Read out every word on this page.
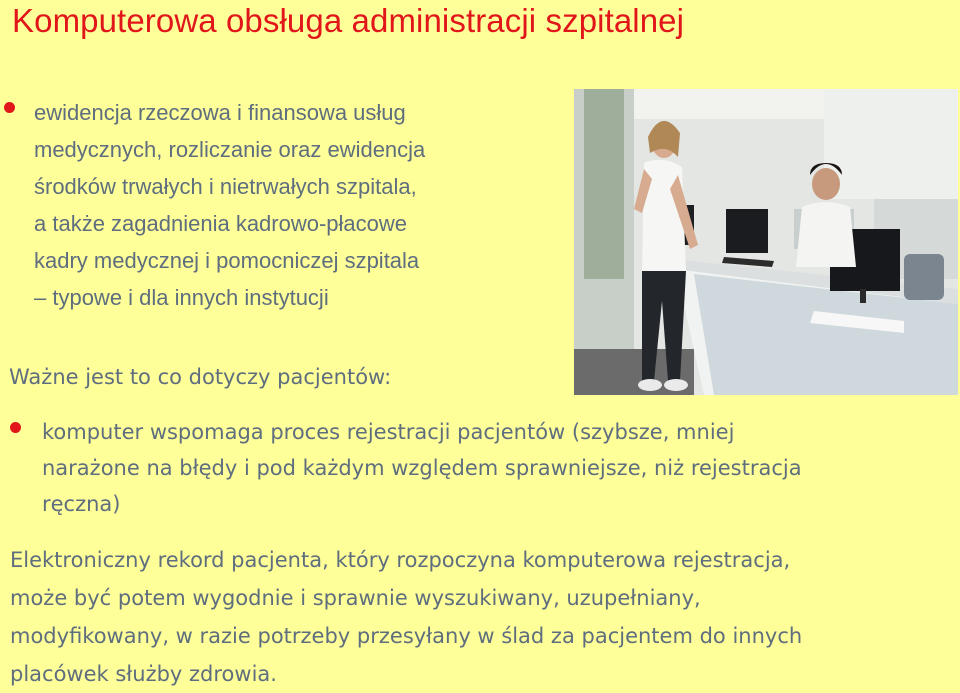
Komputerowa obsługa administracji szpitalnej
ewidencja rzeczowa i finansowa usług
medycznych, rozliczanie oraz ewidencja
środków trwałych i nietrwałych szpitala,
a także zagadnienia kadrowo-płacowe
kadry medycznej i pomocniczej szpitala
– typowe i dla innych instytucji
Ważne jest to co dotyczy pacjentów:
komputer wspomaga proces rejestracji pacjentów (szybsze, mniej
narażone na błędy i pod każdym względem sprawniejsze, niż rejestracja
ręczna)
Elektroniczny rekord pacjenta, który rozpoczyna komputerowa rejestracja,
może być potem wygodnie i sprawnie wyszukiwany, uzupełniany,
modyfikowany, w razie potrzeby przesyłany w ślad za pacjentem do innych
placówek służby zdrowia.
